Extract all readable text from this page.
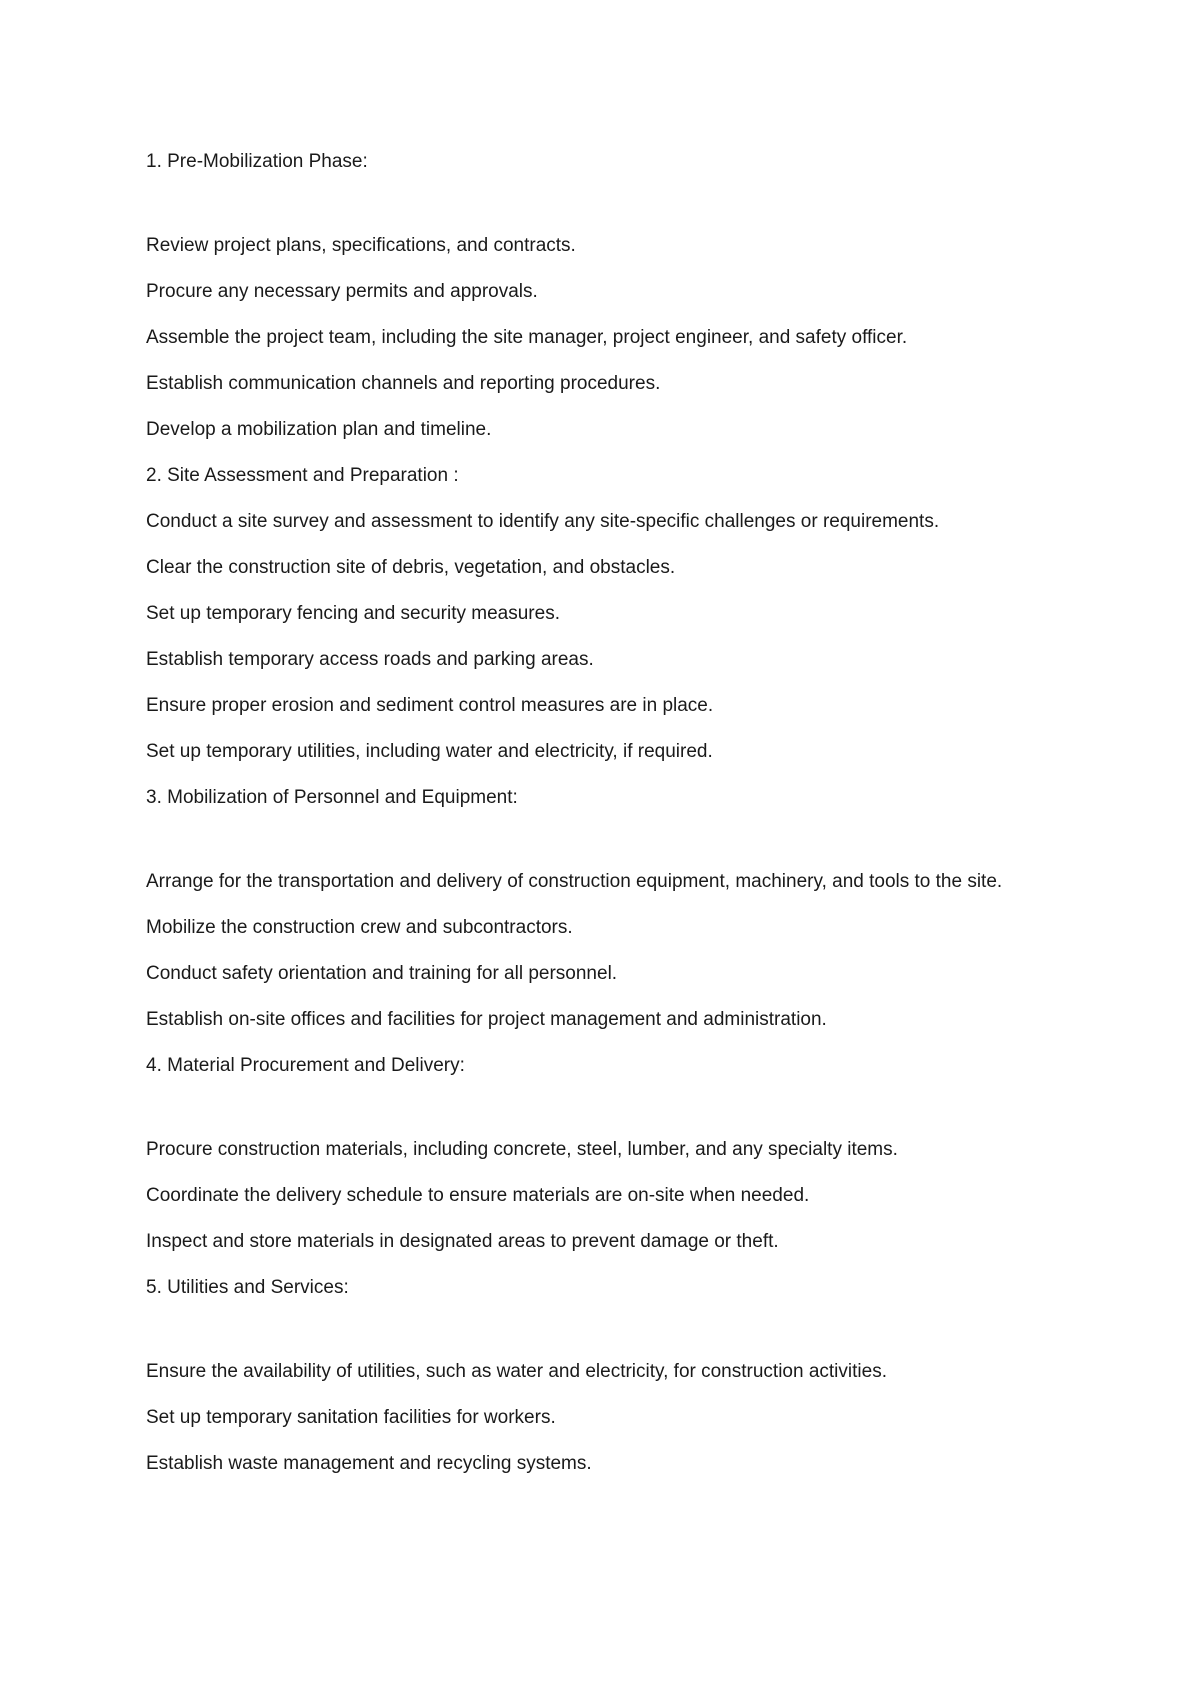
1. Pre-Mobilization Phase:

Review project plans, specifications, and contracts.

Procure any necessary permits and approvals.

Assemble the project team, including the site manager, project engineer, and safety officer.

Establish communication channels and reporting procedures.

Develop a mobilization plan and timeline.

2. Site Assessment and Preparation :

Conduct a site survey and assessment to identify any site-specific challenges or requirements.

Clear the construction site of debris, vegetation, and obstacles.

Set up temporary fencing and security measures.

Establish temporary access roads and parking areas.

Ensure proper erosion and sediment control measures are in place.

Set up temporary utilities, including water and electricity, if required.

3. Mobilization of Personnel and Equipment:

Arrange for the transportation and delivery of construction equipment, machinery, and tools to the site.

Mobilize the construction crew and subcontractors.

Conduct safety orientation and training for all personnel.

Establish on-site offices and facilities for project management and administration.

4. Material Procurement and Delivery:

Procure construction materials, including concrete, steel, lumber, and any specialty items.

Coordinate the delivery schedule to ensure materials are on-site when needed.

Inspect and store materials in designated areas to prevent damage or theft.

5. Utilities and Services:

Ensure the availability of utilities, such as water and electricity, for construction activities.

Set up temporary sanitation facilities for workers.

Establish waste management and recycling systems.
